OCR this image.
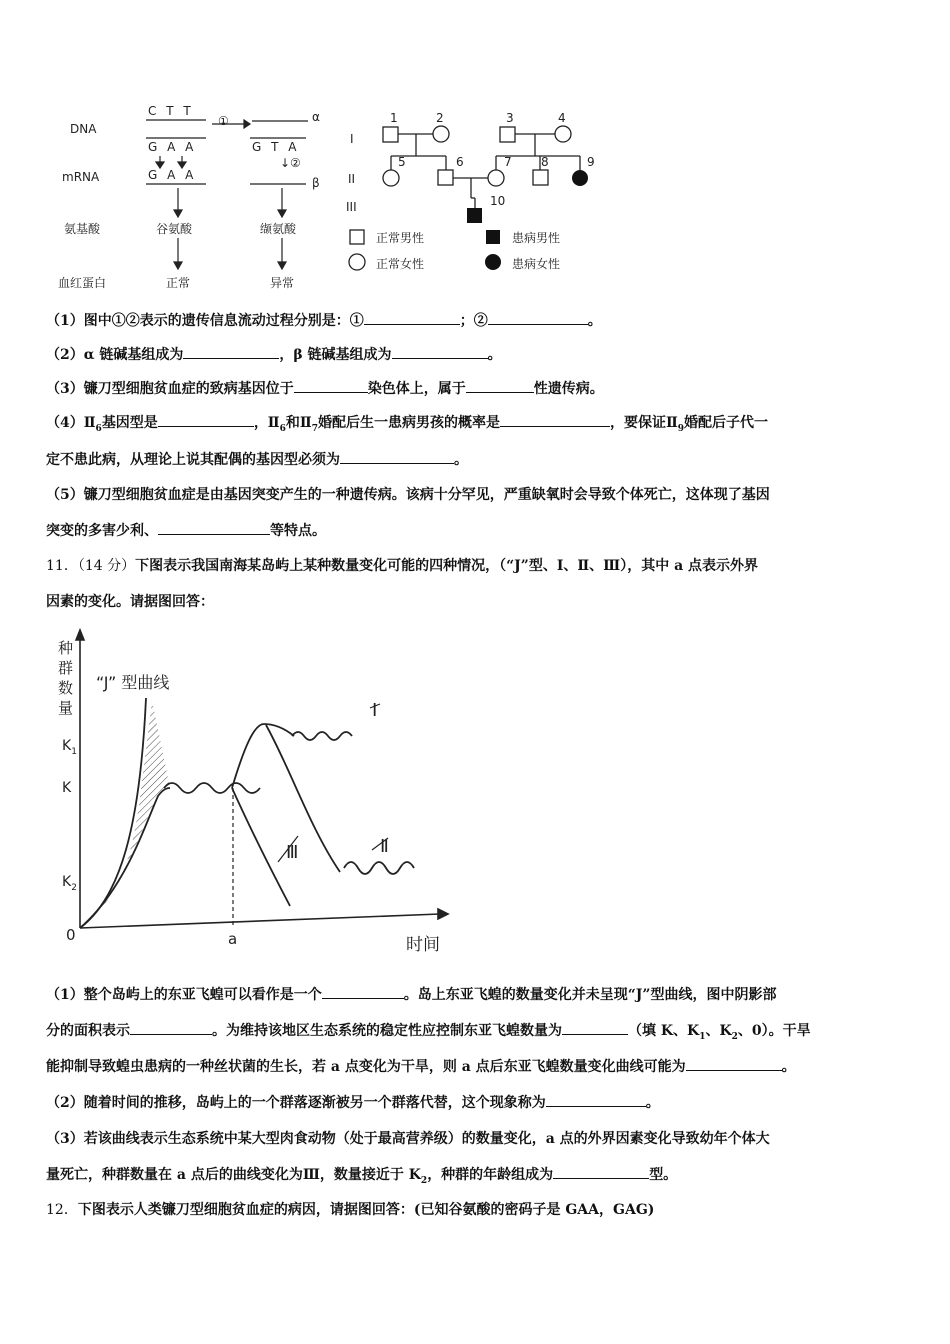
DNA
mRNA
氨基酸
血红蛋白
C T T
G A A
①	α
G T A
↓②
G A A
β
谷氨酸	缬氨酸
正常	异常
I
II
III
1	2	3	4
5	6	7 8	9
10
正常男性	患病男性
正常女性	患病女性
（1）图中①②表示的遗传信息流动过程分别是：①	；②	。
（2）α 链碱基组成为	，β 链碱基组成为	。
（3）镰刀型细胞贫血症的致病基因位于	染色体上，属于	性遗传病。
$(4)Ⅱ_6$基因型是	，$Ⅱ_6$和$Ⅱ_7$婚配后生一患病男孩的概率是	，要保证$Ⅱ_9$婚配后子代一
定不患此病，从理论上说其配偶的基因型必须为	。
（5）镰刀型细胞贫血症是由基因突变产生的一种遗传病。该病十分罕见，严重缺氧时会导致个体死亡，这体现了基因
突变的多害少利、	等特点。
11．（14 分）下图表示我国南海某岛屿上某种数量变化可能的四种情况，（“J”型、Ⅰ、Ⅱ、Ⅲ），其中 a 点表示外界
因素的变化。请据图回答：
种
群
数
量
“J” 型曲线
$K_1$
K
$K_2$
0	a	时间
Ⅰ
Ⅱ
Ⅲ
（1）整个岛屿上的东亚飞蝗可以看作是一个	。岛上东亚飞蝗的数量变化并未呈现“J”型曲线，图中阴影部
分的面积表示	。为维持该地区生态系统的稳定性应控制东亚飞蝗数量为	（填 K、$K_1$、$K_2$、0）。干旱
能抑制导致蝗虫患病的一种丝状菌的生长，若 a 点变化为干旱，则 a 点后东亚飞蝗数量变化曲线可能为	。
（2）随着时间的推移，岛屿上的一个群落逐渐被另一个群落代替，这个现象称为	。
（3）若该曲线表示生态系统中某大型肉食动物（处于最高营养级）的数量变化，a 点的外界因素变化导致幼年个体大
量死亡，种群数量在 a 点后的曲线变化为Ⅲ，数量接近于 $K_2$，种群的年龄组成为	型。
12．下图表示人类镰刀型细胞贫血症的病因，请据图回答：(已知谷氨酸的密码子是 GAA，GAG)
